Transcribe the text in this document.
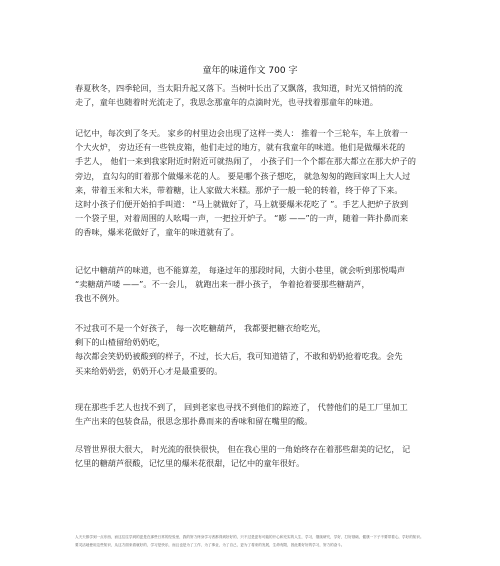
童年的味道作文 700 字
春夏秋冬，四季轮回，当太阳升起又落下。当树叶长出了又飘落，我知道，时光又悄悄的流
走了，童年也随着时光流走了，我思念那童年的点滴时光，也寻找着那童年的味道。
记忆中，每次到了冬天。 家乡的村里边会出现了这样一类人： 推着一个三轮车，车上放着一
个大火炉， 旁边还有一些铁皮箱，他们走过的地方，就有我童年的味道。他们是做爆米花的
手艺人， 他们一来到我家附近时附近可就热闹了， 小孩子们一个个都在那大都立在那大炉子的
旁边， 直勾勾的盯着那个做爆米花的人。 要是哪个孩子想吃， 就急匆匆的跑回家叫上大人过
来，带着玉米和大米，带着糖，让人家做大米糕。那炉子一般一轮的转着，终于停了下来。
这时小孩子们便开始拍手叫道： “马上就做好了，马上就要爆米花吃了 ”。手艺人把炉子放到
一个袋子里，对着周围的人吆喝一声，一把拉开炉子。 “嘭 ——”的一声，随着一阵扑鼻而来
的香味，爆米花做好了，童年的味道就有了。
记忆中糖葫芦的味道，也不能算差， 每逢过年的那段时间，大街小巷里，就会听到那悦喝声
“卖糖葫芦喽 ——”。不一会儿， 就跑出来一群小孩子， 争着抢着要那些糖葫芦，
我也不例外。
不过我可不是一个好孩子， 每一次吃糖葫芦， 我都要把糖衣给吃光，
剩下的山楂留给奶奶吃，
每次都会笑奶奶被酸到的样子，不过，长大后，我可知道错了，不敢和奶奶抢着吃我。会先
买来给奶奶尝，奶奶开心才是最重要的。
现在那些手艺人也找不到了， 回到老家也寻找不到他们的踪迹了， 代替他们的是工厂里加工
生产出来的包装食品，很思念那扑鼻而来的香味和留在嘴里的酸。
尽管世界很大很大， 时光流的很快很快， 但在我心里的一角始终存在着那些甜美的记忆， 记
忆里的糖葫芦很酸，记忆里的爆米花很甜，记忆中的童年很好。
人天天都学到一点东西，而这往往学到的更是在那些日常的经验里，我的努力终身学习者都得到好好的，只不过是更有可能的开心和充实的人生，学习，继续研究，学好，打好基础，健康一下子不要带着心，学好的知识。
要灵活地使用这些知识，从这方面来看就好的，学习是快乐，而且也是为了工作，为了事业，为了自己，更为了将来的发展，生命有限，因此要好好的学习，努力的奋斗。
